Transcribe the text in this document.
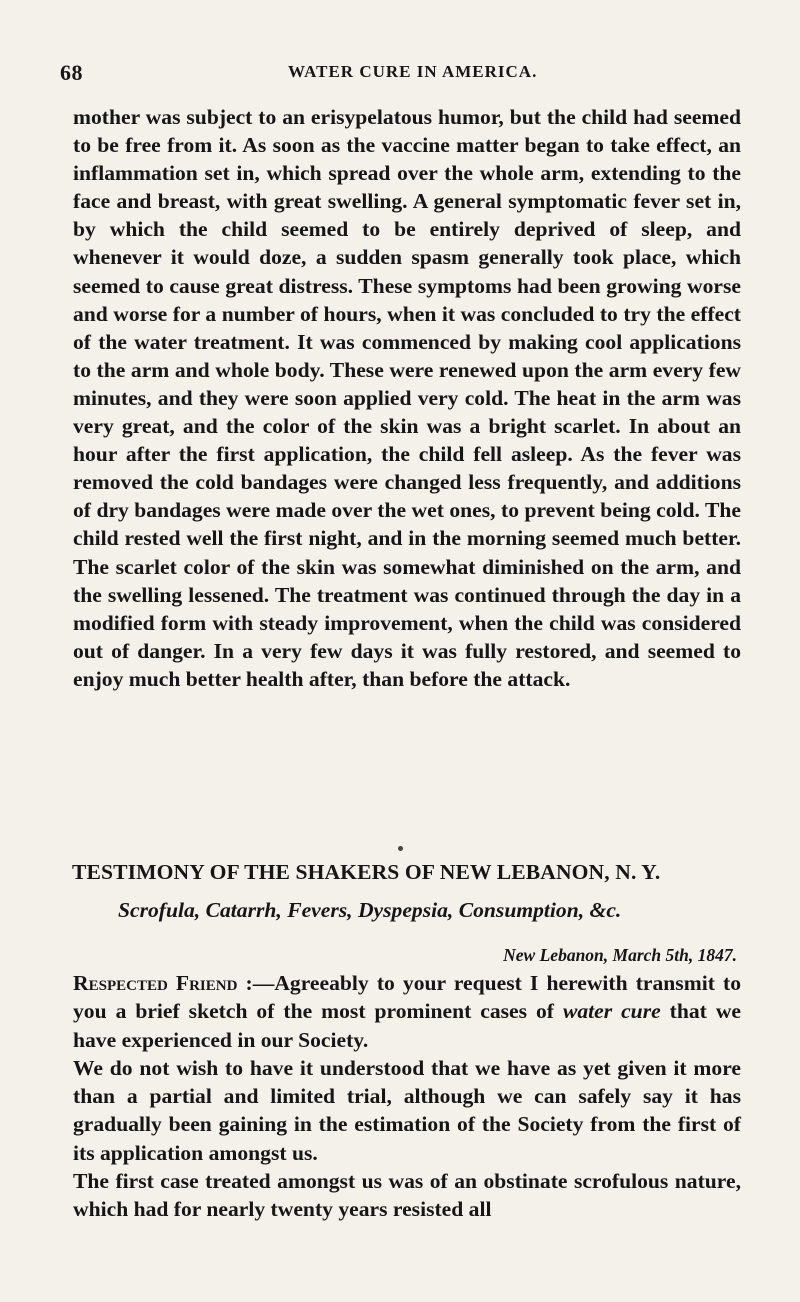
68	WATER CURE IN AMERICA.

mother was subject to an erisypelatous humor, but the child had seemed to be free from it. As soon as the vaccine matter began to take effect, an inflammation set in, which spread over the whole arm, extending to the face and breast, with great swelling. A general symptomatic fever set in, by which the child seemed to be entirely deprived of sleep, and whenever it would doze, a sudden spasm generally took place, which seemed to cause great distress. These symptoms had been growing worse and worse for a number of hours, when it was concluded to try the effect of the water treatment. It was commenced by making cool applications to the arm and whole body. These were renewed upon the arm every few minutes, and they were soon applied very cold. The heat in the arm was very great, and the color of the skin was a bright scarlet. In about an hour after the first application, the child fell asleep. As the fever was removed the cold bandages were changed less frequently, and additions of dry bandages were made over the wet ones, to prevent being cold. The child rested well the first night, and in the morning seemed much better. The scarlet color of the skin was somewhat diminished on the arm, and the swelling lessened. The treatment was continued through the day in a modified form with steady improvement, when the child was considered out of danger. In a very few days it was fully restored, and seemed to enjoy much better health after, than before the attack.

TESTIMONY OF THE SHAKERS OF NEW LEBANON, N. Y.
Scrofula, Catarrh, Fevers, Dyspepsia, Consumption, &c.
New Lebanon, March 5th, 1847.

Respected Friend :—Agreeably to your request I herewith transmit to you a brief sketch of the most prominent cases of water cure that we have experienced in our Society.

We do not wish to have it understood that we have as yet given it more than a partial and limited trial, although we can safely say it has gradually been gaining in the estimation of the Society from the first of its application amongst us.

The first case treated amongst us was of an obstinate scrofulous nature, which had for nearly twenty years resisted all
